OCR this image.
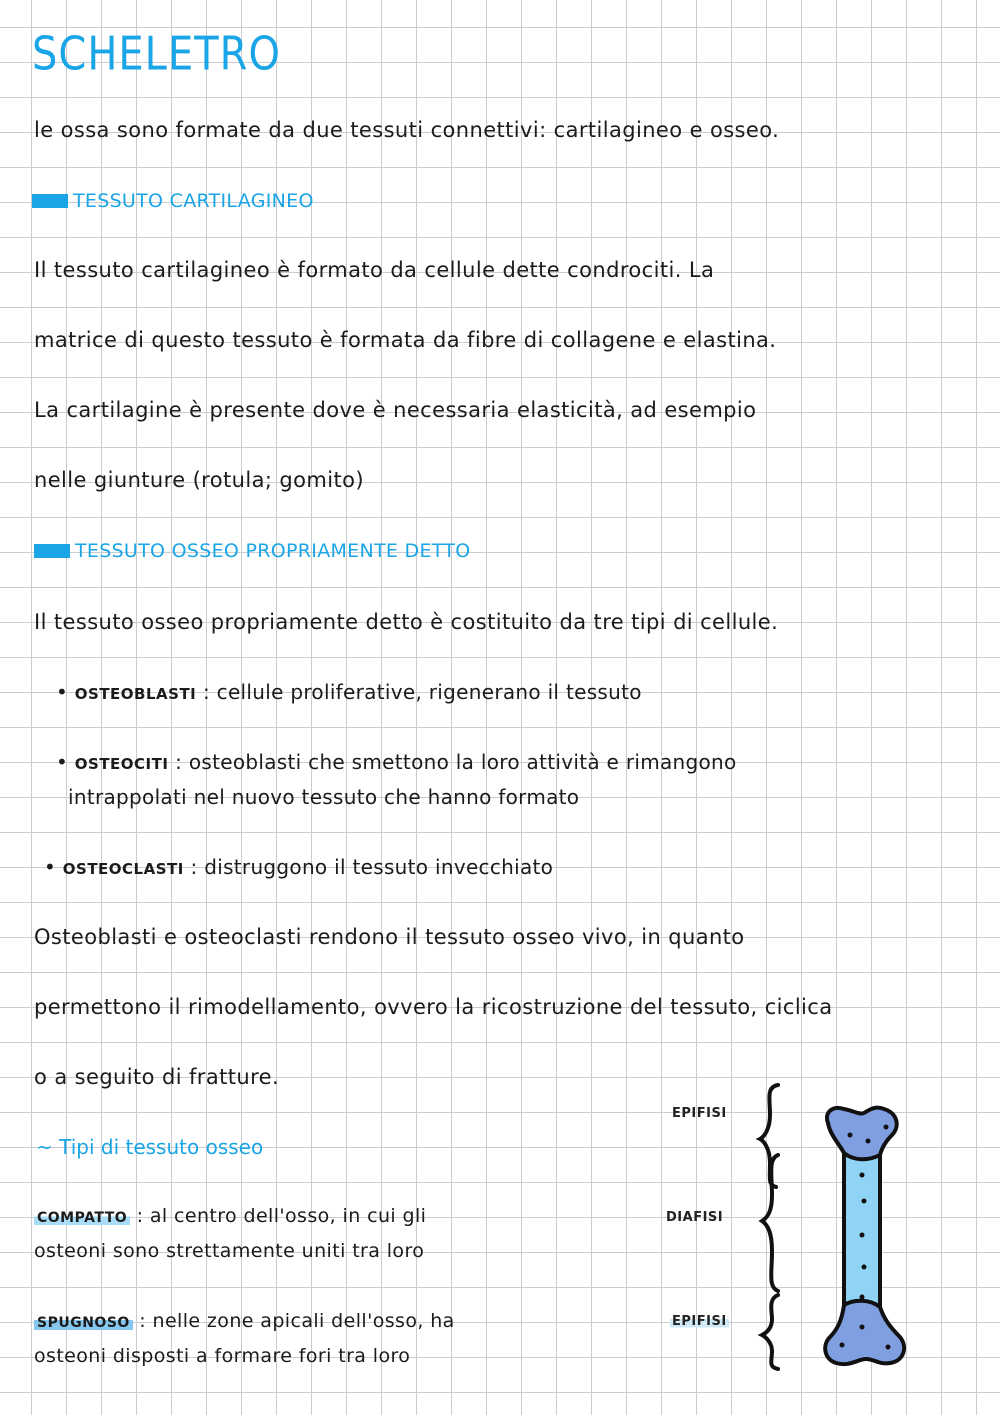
SCHELETRO
le ossa sono formate da due tessuti connettivi: cartilagineo e osseo.
TESSUTO CARTILAGINEO
Il tessuto cartilagineo è formato da cellule dette condrociti. La
matrice di questo tessuto è formata da fibre di collagene e elastina.
La cartilagine è presente dove è necessaria elasticità, ad esempio
nelle giunture (rotula; gomito)
TESSUTO OSSEO PROPRIAMENTE DETTO
Il tessuto osseo propriamente detto è costituito da tre tipi di cellule.
• OSTEOBLASTI : cellule proliferative, rigenerano il tessuto
• OSTEOCITI : osteoblasti che smettono la loro attività e rimangono
intrappolati nel nuovo tessuto che hanno formato
• OSTEOCLASTI : distruggono il tessuto invecchiato
Osteoblasti e osteoclasti rendono il tessuto osseo vivo, in quanto
permettono il rimodellamento, ovvero la ricostruzione del tessuto, ciclica
o a seguito di fratture.
~ Tipi di tessuto osseo
COMPATTO : al centro dell'osso, in cui gli
osteoni sono strettamente uniti tra loro
SPUGNOSO : nelle zone apicali dell'osso, ha
osteoni disposti a formare fori tra loro
EPIFISI
DIAFISI
EPIFISI
